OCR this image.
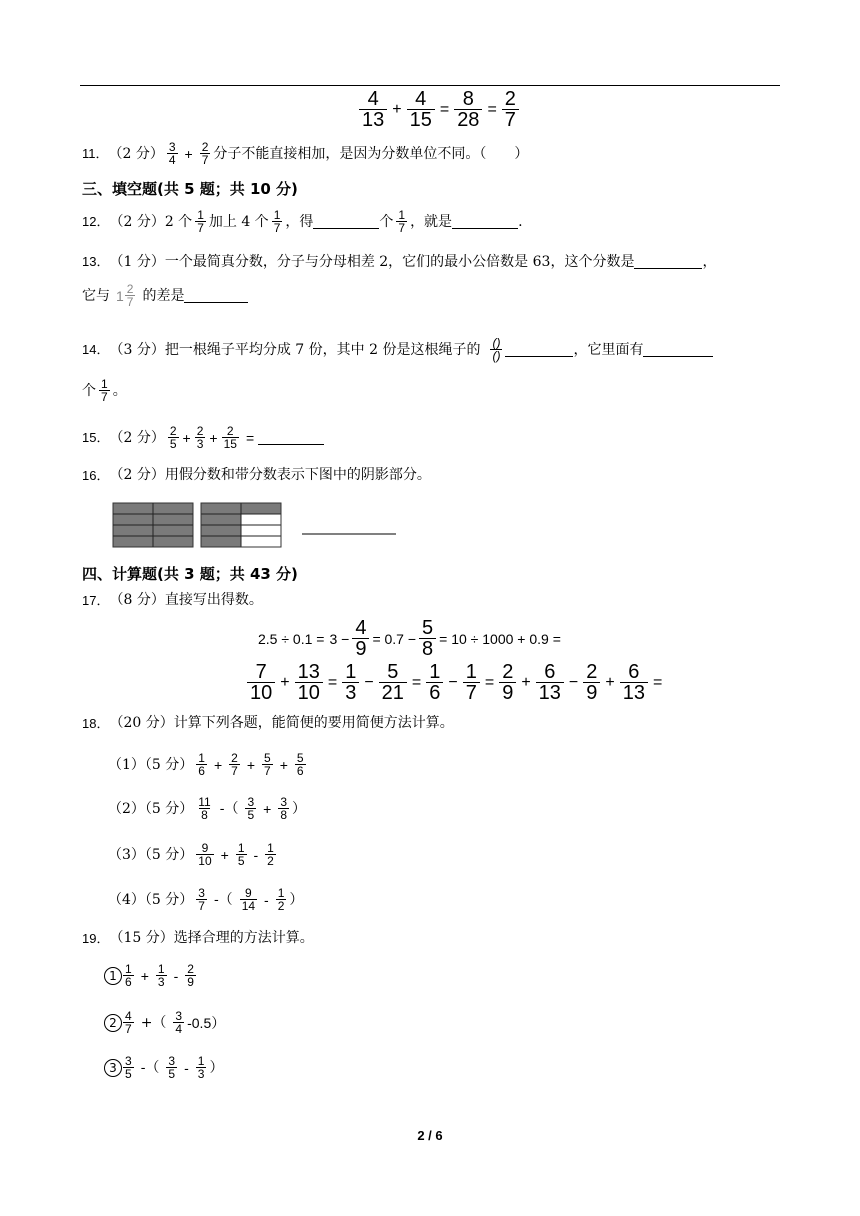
$\frac{4}{13} + \frac{4}{15} = \frac{8}{28} = \frac{2}{7}$
11． （2 分） $\frac{3}{4} + \frac{2}{7}$ 分子不能直接相加，是因为分数单位不同。（　　）
三、填空题(共 5 题；共 10 分)
12． （2 分） 2 个 $\frac{1}{7}$ 加上 4 个 $\frac{1}{7}$ ，得	个 $\frac{1}{7}$ ，就是	.
13． （1 分） 一个最简真分数，分子与分母相差 2，它们的最小公倍数是 63，这个分数是	，
它与 $1 \frac{2}{7}$ 的差是
14． （3 分） 把一根绳子平均分成 7 份，其中 2 份是这根绳子的 $\frac{()}{()}$	，它里面有
个 $\frac{1}{7}$ 。
15． （2 分） $\frac{2}{5} + \frac{2}{3} + \frac{2}{15}$ =
16． （2 分） 用假分数和带分数表示下图中的阴影部分。
四、计算题(共 3 题；共 43 分)
17． （8 分） 直接写出得数。
$2.5 \div 0.1 = 3 - \frac{4}{9} = 0.7 - \frac{5}{8} = 10 \div 1000 + 0.9$ =
$\frac{7}{10} + \frac{13}{10} = \frac{1}{3} - \frac{5}{21} = \frac{1}{6} - \frac{1}{7} = \frac{2}{9} + \frac{6}{13} - \frac{2}{9} + \frac{6}{13}$ =
18． （20 分） 计算下列各题，能简便的要用简便方法计算。
（1）（5 分） $\frac{1}{6} + \frac{2}{7} + \frac{5}{7} + \frac{5}{6}$
（2）（5 分） $\frac{11}{8}$ -（ $\frac{3}{5} + \frac{3}{8}$ ）
（3）（5 分） $\frac{9}{10} + \frac{1}{5} - \frac{1}{2}$
（4）（5 分） $\frac{3}{7}$ -（ $\frac{9}{14} - \frac{1}{2}$ ）
19． （15 分） 选择合理的方法计算。
$1 \frac{1}{6} + \frac{1}{3} - \frac{2}{9}$
$2 \frac{4}{7}$ +（ $\frac{3}{4} -0.5$）
$3 \frac{3}{5}$ -（ $\frac{3}{5} - \frac{1}{3}$ ）
2 / 6
